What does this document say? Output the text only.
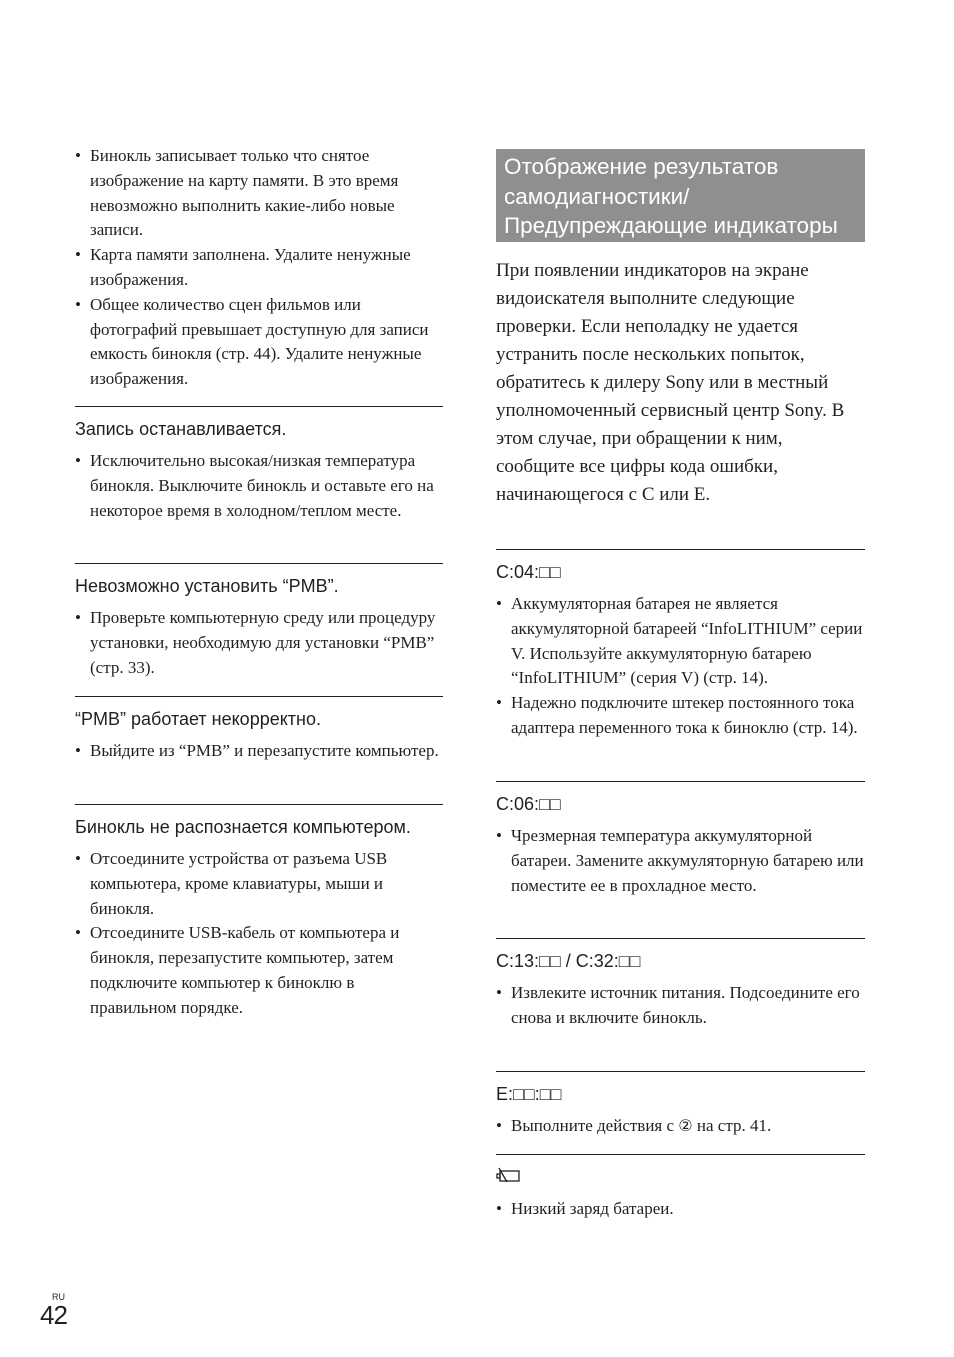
• Бинокль записывает только что снятое изображение на карту памяти. В это время невозможно выполнить какие-либо новые записи.
• Карта памяти заполнена. Удалите ненужные изображения.
• Общее количество сцен фильмов или фотографий превышает доступную для записи емкость бинокля (стр. 44). Удалите ненужные изображения.
Запись останавливается.
• Исключительно высокая/низкая температура бинокля. Выключите бинокль и оставьте его на некоторое время в холодном/теплом месте.
Невозможно установить “PMB”.
• Проверьте компьютерную среду или процедуру установки, необходимую для установки “PMB” (стр. 33).
“PMB” работает некорректно.
• Выйдите из “PMB” и перезапустите компьютер.
Бинокль не распознается компьютером.
• Отсоедините устройства от разъема USB компьютера, кроме клавиатуры, мыши и бинокля.
• Отсоедините USB-кабель от компьютера и бинокля, перезапустите компьютер, затем подключите компьютер к биноклю в правильном порядке.
Отображение результатов самодиагностики/ Предупреждающие индикаторы

При появлении индикаторов на экране видоискателя выполните следующие проверки. Если неполадку не удается устранить после нескольких попыток, обратитесь к дилеру Sony или в местный уполномоченный сервисный центр Sony. В этом случае, при обращении к ним, сообщите все цифры кода ошибки, начинающегося с C или E.

C:04:□□
• Аккумуляторная батарея не является аккумуляторной батареей “InfoLITHIUM” серии V. Используйте аккумуляторную батарею “InfoLITHIUM” (серия V) (стр. 14).
• Надежно подключите штекер постоянного тока адаптера переменного тока к биноклю (стр. 14).
C:06:□□
• Чрезмерная температура аккумуляторной батареи. Замените аккумуляторную батарею или поместите ее в прохладное место.
C:13:□□ / C:32:□□
• Извлеките источник питания. Подсоедините его снова и включите бинокль.
E:□□:□□
• Выполните действия с ② на стр. 41.
• Низкий заряд батареи.
RU
42
